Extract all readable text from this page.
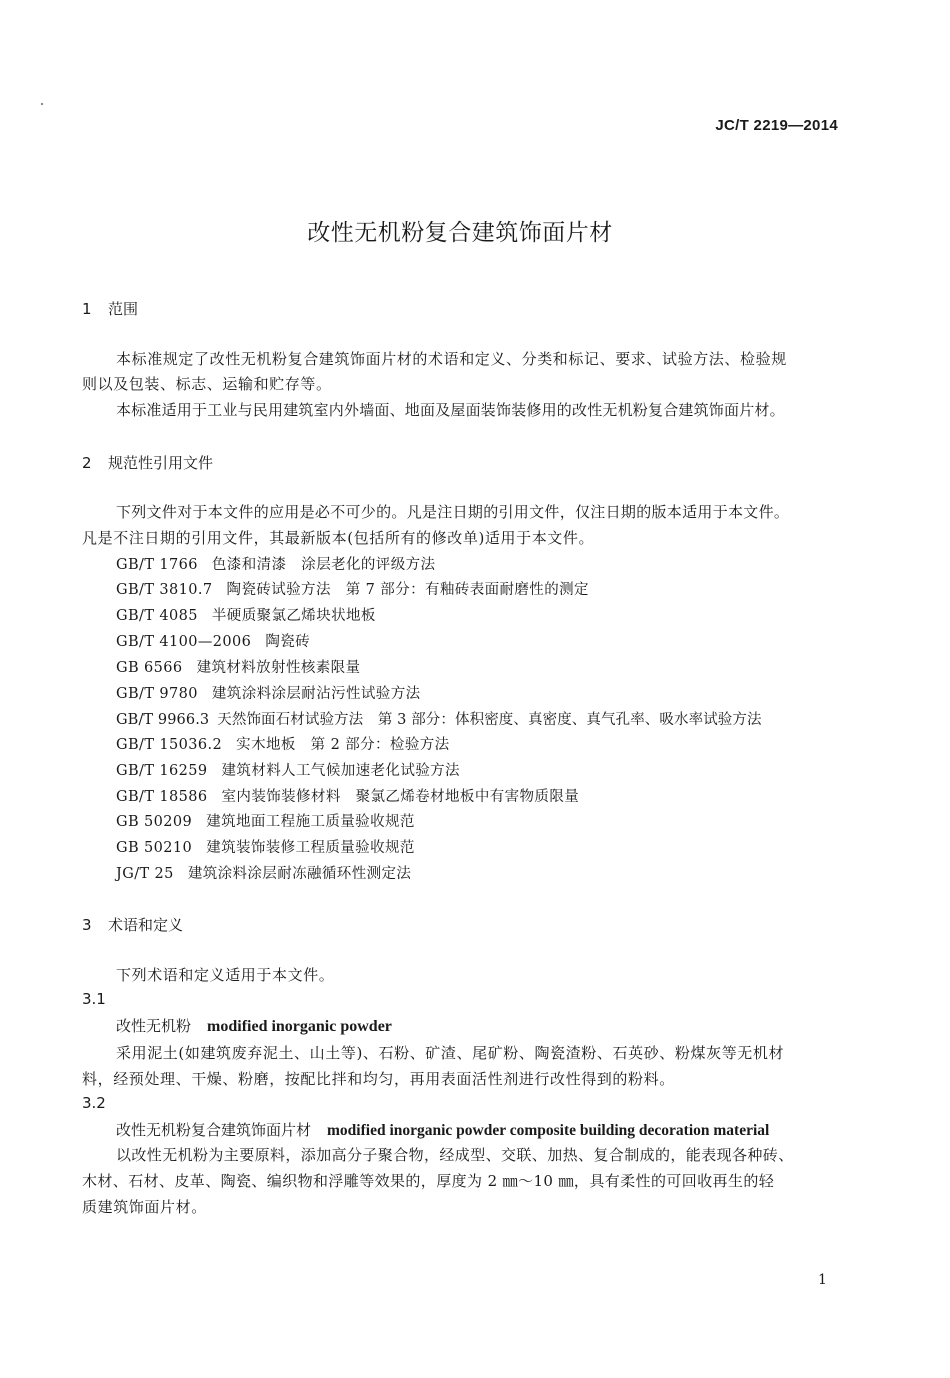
JC/T 2219—2014
改性无机粉复合建筑饰面片材
1 范围
本标准规定了改性无机粉复合建筑饰面片材的术语和定义、分类和标记、要求、试验方法、检验规
则以及包装、标志、运输和贮存等。
本标准适用于工业与民用建筑室内外墙面、地面及屋面装饰装修用的改性无机粉复合建筑饰面片材。
2 规范性引用文件
下列文件对于本文件的应用是必不可少的。凡是注日期的引用文件，仅注日期的版本适用于本文件。
凡是不注日期的引用文件，其最新版本(包括所有的修改单)适用于本文件。
GB/T 1766 色漆和清漆　涂层老化的评级方法
GB/T 3810.7 陶瓷砖试验方法　第 7 部分：有釉砖表面耐磨性的测定
GB/T 4085 半硬质聚氯乙烯块状地板
GB/T 4100—2006 陶瓷砖
GB 6566 建筑材料放射性核素限量
GB/T 9780 建筑涂料涂层耐沾污性试验方法
GB/T 9966.3 天然饰面石材试验方法　第 3 部分：体积密度、真密度、真气孔率、吸水率试验方法
GB/T 15036.2 实木地板　第 2 部分：检验方法
GB/T 16259 建筑材料人工气候加速老化试验方法
GB/T 18586 室内装饰装修材料　聚氯乙烯卷材地板中有害物质限量
GB 50209 建筑地面工程施工质量验收规范
GB 50210 建筑装饰装修工程质量验收规范
JG/T 25 建筑涂料涂层耐冻融循环性测定法
3 术语和定义
下列术语和定义适用于本文件。
3.1
改性无机粉 modified inorganic powder
采用泥土(如建筑废弃泥土、山土等)、石粉、矿渣、尾矿粉、陶瓷渣粉、石英砂、粉煤灰等无机材
料，经预处理、干燥、粉磨，按配比拌和均匀，再用表面活性剂进行改性得到的粉料。
3.2
改性无机粉复合建筑饰面片材 modified inorganic powder composite building decoration material
以改性无机粉为主要原料，添加高分子聚合物，经成型、交联、加热、复合制成的，能表现各种砖、
木材、石材、皮革、陶瓷、编织物和浮雕等效果的，厚度为 2 ㎜～10 ㎜，具有柔性的可回收再生的轻
质建筑饰面片材。
1
